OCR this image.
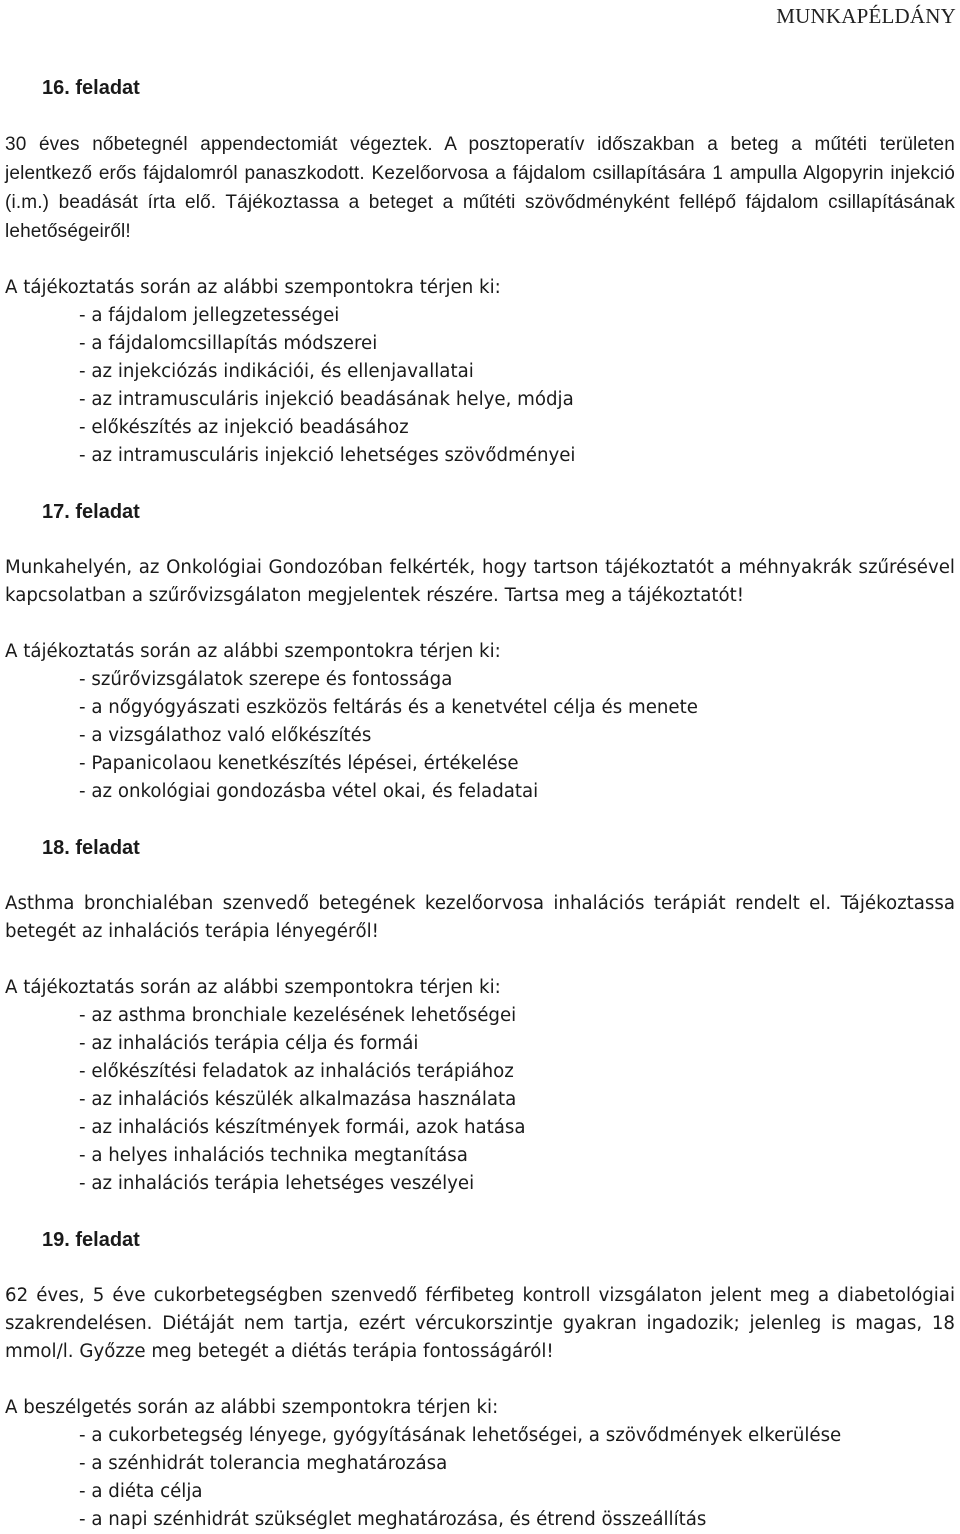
MUNKAPÉLDÁNY
16. feladat

30 éves nőbetegnél appendectomiát végeztek. A posztoperatív időszakban a beteg a műtéti területen jelentkező erős fájdalomról panaszkodott. Kezelőorvosa a fájdalom csillapítására 1 ampulla Algopyrin injekció (i.m.) beadását írta elő. Tájékoztassa a beteget a műtéti szövődményként fellépő fájdalom csillapításának lehetőségeiről!

A tájékoztatás során az alábbi szempontokra térjen ki:

- a fájdalom jellegzetességei
- a fájdalomcsillapítás módszerei
- az injekciózás indikációi, és ellenjavallatai
- az intramusculáris injekció beadásának helye, módja
- előkészítés az injekció beadásához
- az intramusculáris injekció lehetséges szövődményei
17. feladat

Munkahelyén, az Onkológiai Gondozóban felkérték, hogy tartson tájékoztatót a méhnyakrák szűrésével kapcsolatban a szűrővizsgálaton megjelentek részére. Tartsa meg a tájékoztatót!

A tájékoztatás során az alábbi szempontokra térjen ki:

- szűrővizsgálatok szerepe és fontossága
- a nőgyógyászati eszközös feltárás és a kenetvétel célja és menete
- a vizsgálathoz való előkészítés
- Papanicolaou kenetkészítés lépései, értékelése
- az onkológiai gondozásba vétel okai, és feladatai
18. feladat

Asthma bronchialéban szenvedő betegének kezelőorvosa inhalációs terápiát rendelt el. Tájékoztassa betegét az inhalációs terápia lényegéről!

A tájékoztatás során az alábbi szempontokra térjen ki:

- az asthma bronchiale kezelésének lehetőségei
- az inhalációs terápia célja és formái
- előkészítési feladatok az inhalációs terápiához
- az inhalációs készülék alkalmazása használata
- az inhalációs készítmények formái, azok hatása
- a helyes inhalációs technika megtanítása
- az inhalációs terápia lehetséges veszélyei
19. feladat

62 éves, 5 éve cukorbetegségben szenvedő férfibeteg kontroll vizsgálaton jelent meg a diabetológiai szakrendelésen. Diétáját nem tartja, ezért vércukorszintje gyakran ingadozik; jelenleg is magas, 18 mmol/l. Győzze meg betegét a diétás terápia fontosságáról!

A beszélgetés során az alábbi szempontokra térjen ki:

- a cukorbetegség lényege, gyógyításának lehetőségei, a szövődmények elkerülése
- a szénhidrát tolerancia meghatározása
- a diéta célja
- a napi szénhidrát szükséglet meghatározása, és étrend összeállítás
